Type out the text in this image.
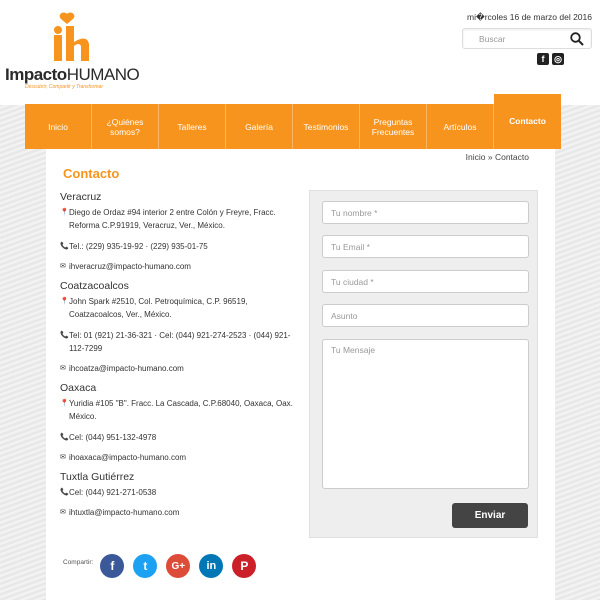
ImpactoHUMANO
Descubrir, Compartir y Transformar
mi�rcoles 16 de marzo del 2016
Buscar
f	◎
Inicio	¿Quiénes somos?	Talleres	Galería	Testimonios	Preguntas Frecuentes	Artículos
Contacto
Inicio » Contacto
Contacto
Veracruz
📍 Diego de Ordaz #94 interior 2 entre Colón y Freyre, Fracc. Reforma C.P.91919, Veracruz, Ver., México.
📞 Tel.: (229) 935-19-92 · (229) 935-01-75
✉ ihveracruz@impacto-humano.com
Coatzacoalcos
📍 John Spark #2510, Col. Petroquímica, C.P. 96519, Coatzacoalcos, Ver., México.
📞 Tel: 01 (921) 21-36-321 · Cel: (044) 921-274-2523 · (044) 921-112-7299
✉ ihcoatza@impacto-humano.com
Oaxaca
📍 Yuridia #105 "B". Fracc. La Cascada, C.P.68040, Oaxaca, Oax. México.
📞 Cel: (044) 951-132-4978
✉ ihoaxaca@impacto-humano.com
Tuxtla Gutiérrez
📞 Cel: (044) 921-271-0538
✉ ihtuxtla@impacto-humano.com
Compartir:	f	t	G+	in	P
Tu nombre *
Tu Email *
Tu ciudad *
Asunto
Tu Mensaje
Enviar
